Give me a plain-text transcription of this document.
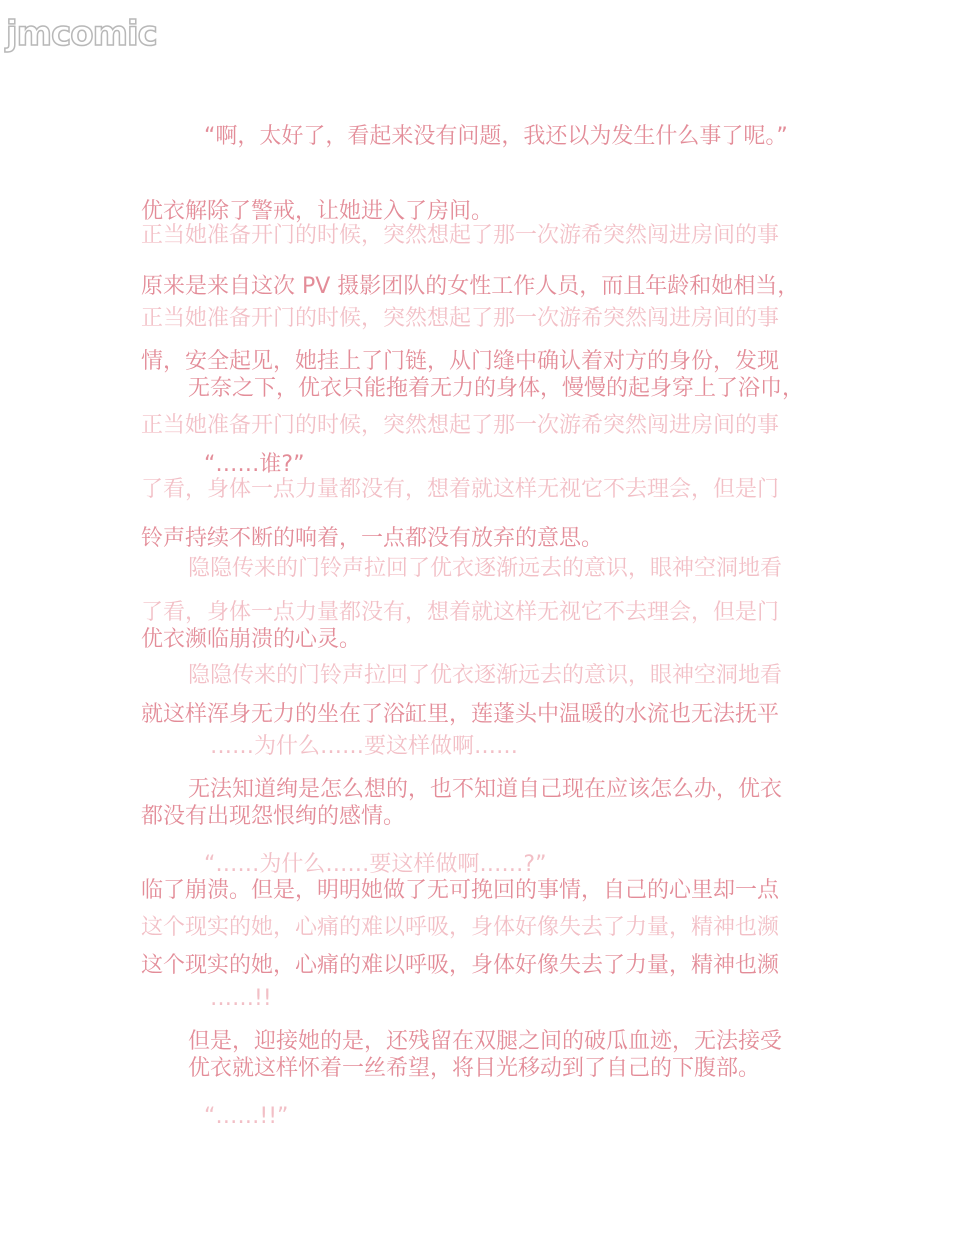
jmcomic
“啊，太好了，看起来没有问题，我还以为发生什么事了呢。”
优衣解除了警戒，让她进入了房间。
正当她准备开门的时候，突然想起了那一次游希突然闯进房间的事
原来是来自这次 PV 摄影团队的女性工作人员，而且年龄和她相当，
正当她准备开门的时候，突然想起了那一次游希突然闯进房间的事
情，安全起见，她挂上了门链，从门缝中确认着对方的身份，发现
无奈之下，优衣只能拖着无力的身体，慢慢的起身穿上了浴巾，
正当她准备开门的时候，突然想起了那一次游希突然闯进房间的事
“……谁?”
了看，身体一点力量都没有，想着就这样无视它不去理会，但是门
铃声持续不断的响着，一点都没有放弃的意思。
隐隐传来的门铃声拉回了优衣逐渐远去的意识，眼神空洞地看
了看，身体一点力量都没有，想着就这样无视它不去理会，但是门
优衣濒临崩溃的心灵。
隐隐传来的门铃声拉回了优衣逐渐远去的意识，眼神空洞地看
就这样浑身无力的坐在了浴缸里，莲蓬头中温暖的水流也无法抚平
……为什么……要这样做啊……
无法知道绚是怎么想的，也不知道自己现在应该怎么办，优衣
都没有出现怨恨绚的感情。
“……为什么……要这样做啊……?”
临了崩溃。但是，明明她做了无可挽回的事情，自己的心里却一点
这个现实的她，心痛的难以呼吸，身体好像失去了力量，精神也濒
这个现实的她，心痛的难以呼吸，身体好像失去了力量，精神也濒
……!!
但是，迎接她的是，还残留在双腿之间的破瓜血迹，无法接受
优衣就这样怀着一丝希望，将目光移动到了自己的下腹部。
“……!!”
